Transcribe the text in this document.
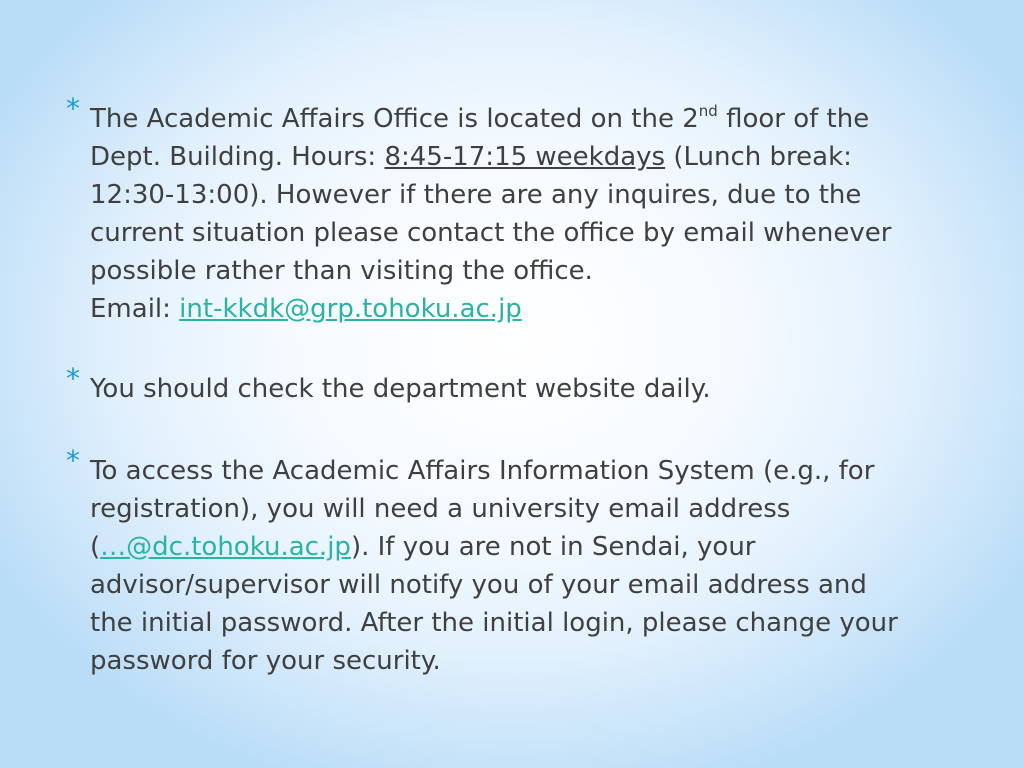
* The Academic Affairs Office is located on the 2nd floor of the
Dept. Building. Hours: 8:45-17:15 weekdays (Lunch break:
12:30-13:00). However if there are any inquires, due to the
current situation please contact the office by email whenever
possible rather than visiting the office.
Email: int-kkdk@grp.tohoku.ac.jp
* You should check the department website daily.
* To access the Academic Affairs Information System (e.g., for
registration), you will need a university email address
(…@dc.tohoku.ac.jp). If you are not in Sendai, your
advisor/supervisor will notify you of your email address and
the initial password. After the initial login, please change your
password for your security.
